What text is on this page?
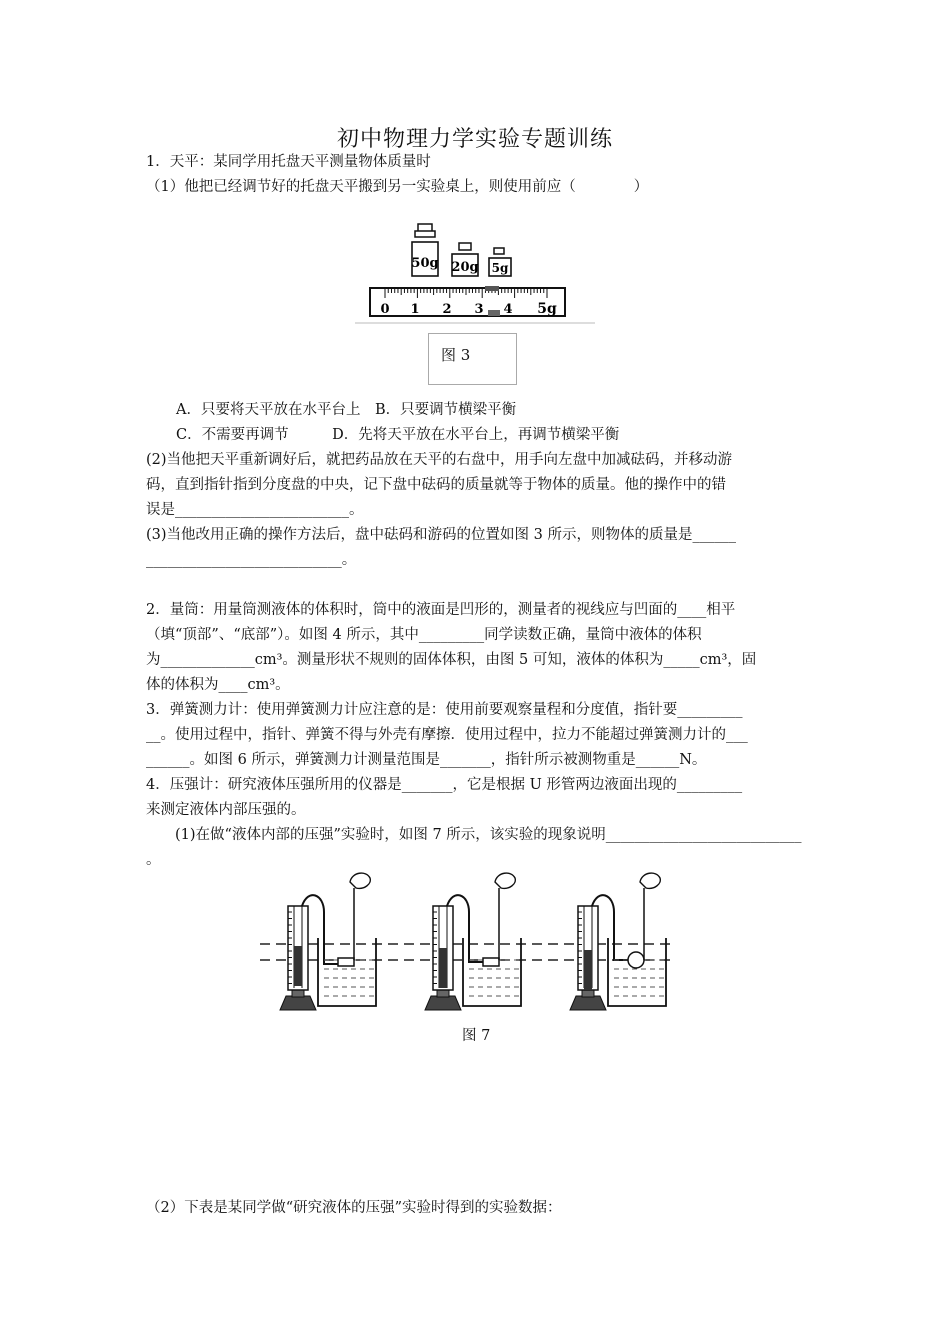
初中物理力学实验专题训练
1．天平：某同学用托盘天平测量物体质量时
（1）他把已经调节好的托盘天平搬到另一实验桌上，则使用前应（　　　　）
50g 20g 5g
0 1 2 3 4 5g
图 3
A．只要将天平放在水平台上　B．只要调节横梁平衡
C．不需要再调节　　　D．先将天平放在水平台上，再调节横梁平衡
(2)当他把天平重新调好后，就把药品放在天平的右盘中，用手向左盘中加减砝码，并移动游
码，直到指针指到分度盘的中央，记下盘中砝码的质量就等于物体的质量。他的操作中的错
误是________________________。
(3)当他改用正确的操作方法后，盘中砝码和游码的位置如图 3 所示，则物体的质量是______
___________________________。
2．量筒：用量筒测液体的体积时，筒中的液面是凹形的，测量者的视线应与凹面的____相平
（填“顶部”、“底部”）。如图 4 所示，其中_________同学读数正确，量筒中液体的体积
为_____________cm³。测量形状不规则的固体体积，由图 5 可知，液体的体积为_____cm³，固
体的体积为____cm³。
3．弹簧测力计：使用弹簧测力计应注意的是：使用前要观察量程和分度值，指针要_________
__。使用过程中，指针、弹簧不得与外壳有摩擦．使用过程中，拉力不能超过弹簧测力计的___
______。如图 6 所示，弹簧测力计测量范围是_______，指针所示被测物重是______N。
4．压强计：研究液体压强所用的仪器是_______，它是根据 U 形管两边液面出现的_________
来测定液体内部压强的。
　　(1)在做“液体内部的压强”实验时，如图 7 所示，该实验的现象说明___________________________
。
图 7
（2）下表是某同学做“研究液体的压强”实验时得到的实验数据：
